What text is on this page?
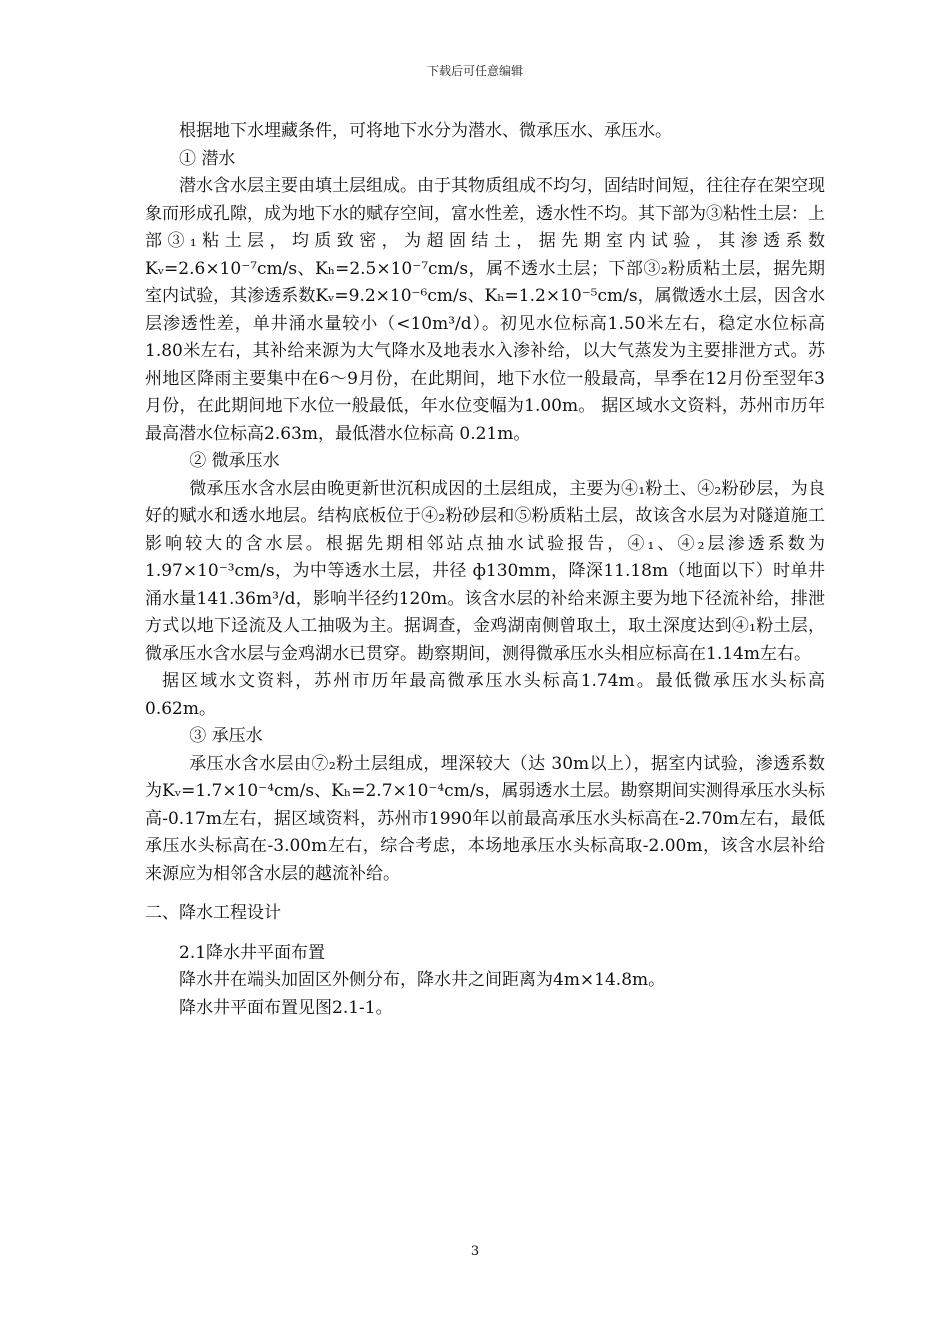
下载后可任意编辑

根据地下水埋藏条件，可将地下水分为潜水、微承压水、承压水。

① 潜水

潜水含水层主要由填土层组成。由于其物质组成不均匀，固结时间短，往往存在架空现象而形成孔隙，成为地下水的赋存空间，富水性差，透水性不均。其下部为③粘性土层：上部③₁粘土层，均质致密，为超固结土，据先期室内试验，其渗透系数Kᵥ=2.6×10⁻⁷cm/s、Kₕ=2.5×10⁻⁷cm/s，属不透水土层；下部③₂粉质粘土层，据先期室内试验，其渗透系数Kᵥ=9.2×10⁻⁶cm/s、Kₕ=1.2×10⁻⁵cm/s，属微透水土层，因含水层渗透性差，单井涌水量较小（<10m³/d）。初见水位标高1.50米左右，稳定水位标高1.80米左右，其补给来源为大气降水及地表水入渗补给，以大气蒸发为主要排泄方式。苏州地区降雨主要集中在6～9月份，在此期间，地下水位一般最高，旱季在12月份至翌年3月份，在此期间地下水位一般最低，年水位变幅为1.00m。 据区域水文资料，苏州市历年最高潜水位标高2.63m，最低潜水位标高 0.21m。

② 微承压水

微承压水含水层由晚更新世沉积成因的土层组成，主要为④₁粉土、④₂粉砂层，为良好的赋水和透水地层。结构底板位于④₂粉砂层和⑤粉质粘土层，故该含水层为对隧道施工影响较大的含水层。根据先期相邻站点抽水试验报告，④₁、④₂层渗透系数为1.97×10⁻³cm/s，为中等透水土层，井径 ф130mm，降深11.18m（地面以下）时单井涌水量141.36m³/d，影响半径约120m。该含水层的补给来源主要为地下径流补给，排泄方式以地下迳流及人工抽吸为主。据调查，金鸡湖南侧曾取土，取土深度达到④₁粉土层，微承压水含水层与金鸡湖水已贯穿。勘察期间，测得微承压水头相应标高在1.14m左右。

据区域水文资料，苏州市历年最高微承压水头标高1.74m。最低微承压水头标高0.62m。

③ 承压水

承压水含水层由⑦₂粉土层组成，埋深较大（达 30m以上），据室内试验，渗透系数为Kᵥ=1.7×10⁻⁴cm/s、Kₕ=2.7×10⁻⁴cm/s，属弱透水土层。勘察期间实测得承压水头标高-0.17m左右，据区域资料，苏州市1990年以前最高承压水头标高在-2.70m左右，最低承压水头标高在-3.00m左右，综合考虑，本场地承压水头标高取-2.00m，该含水层补给来源应为相邻含水层的越流补给。

二、降水工程设计

2.1降水井平面布置

降水井在端头加固区外侧分布，降水井之间距离为4m×14.8m。

降水井平面布置见图2.1-1。

3
